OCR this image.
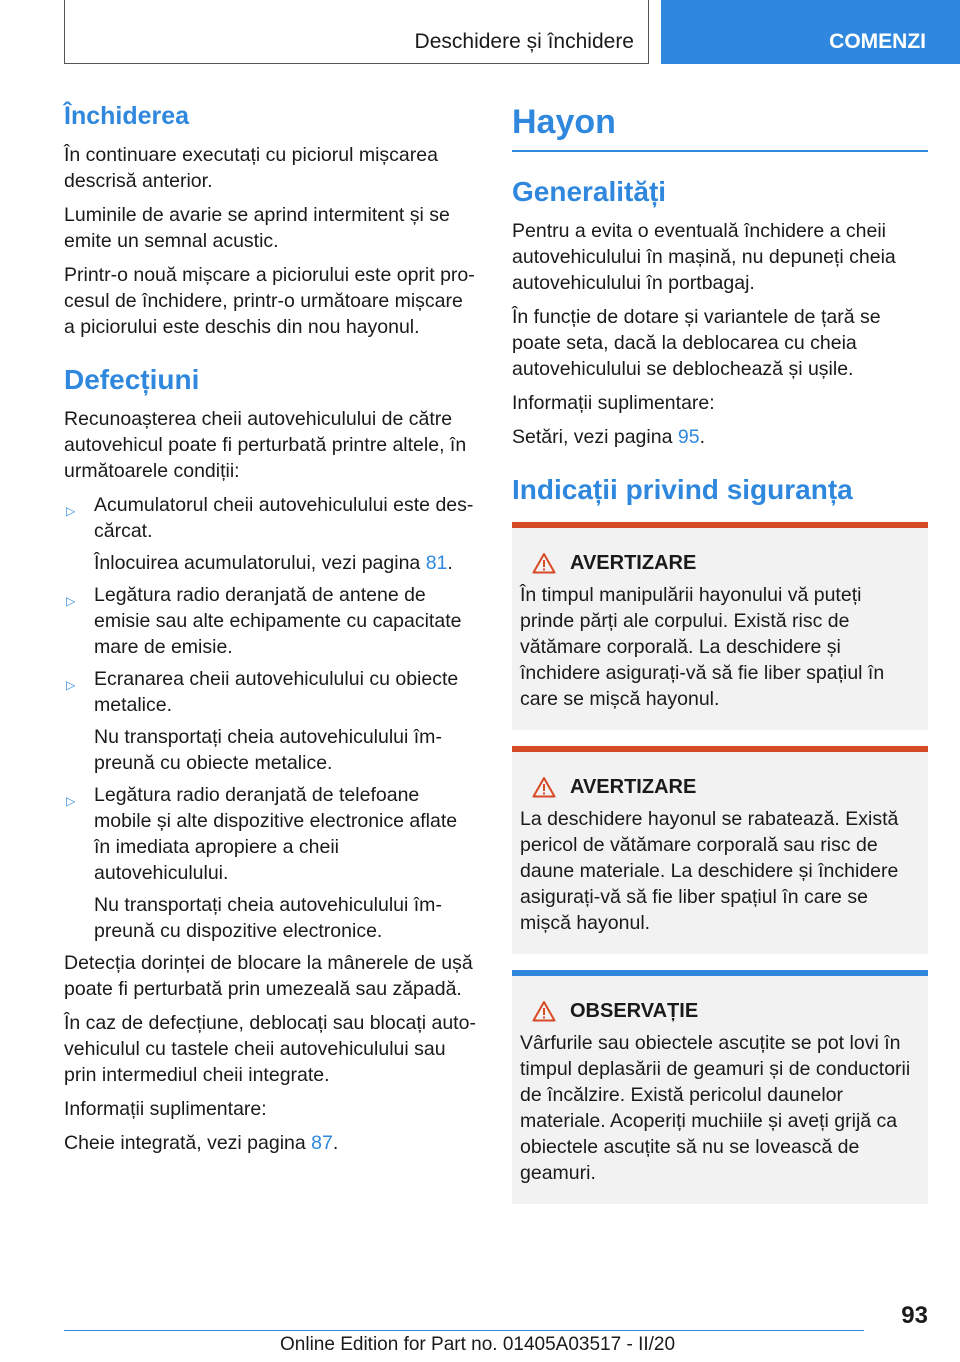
Deschidere și închidere	COMENZI
Închiderea

În continuare executați cu piciorul mișcarea descrisă anterior.

Luminile de avarie se aprind intermitent și se emite un semnal acustic.

Printr-o nouă mișcare a piciorului este oprit procesul de închidere, printr-o următoare mișcare a piciorului este deschis din nou hayonul.

Defecțiuni

Recunoașterea cheii autovehiculului de către autovehicul poate fi perturbată printre altele, în următoarele condiții:

▷ Acumulatorul cheii autovehiculului este descărcat.
Înlocuirea acumulatorului, vezi pagina 81.
▷ Legătura radio deranjată de antene de emisie sau alte echipamente cu capacitate mare de emisie.
▷ Ecranarea cheii autovehiculului cu obiecte metalice.
Nu transportați cheia autovehiculului împreună cu obiecte metalice.
▷ Legătura radio deranjată de telefoane mobile și alte dispozitive electronice aflate în imediata apropiere a cheii autovehiculului.
Nu transportați cheia autovehiculului împreună cu dispozitive electronice.

Detecția dorinței de blocare la mânerele de ușă poate fi perturbată prin umezeală sau zăpadă.

În caz de defecțiune, deblocați sau blocați autovehiculul cu tastele cheii autovehiculului sau prin intermediul cheii integrate.

Informații suplimentare:

Cheie integrată, vezi pagina 87.

Hayon
Generalități

Pentru a evita o eventuală închidere a cheii autovehiculului în mașină, nu depuneți cheia autovehiculului în portbagaj.

În funcție de dotare și variantele de țară se poate seta, dacă la deblocarea cu cheia autovehiculului se deblochează și ușile.

Informații suplimentare:

Setări, vezi pagina 95.

Indicații privind siguranța
AVERTIZARE

În timpul manipulării hayonului vă puteți prinde părți ale corpului. Există risc de vătămare corporală. La deschidere și închidere asigurați-vă să fie liber spațiul în care se mișcă hayonul.

AVERTIZARE

La deschidere hayonul se rabatează. Există pericol de vătămare corporală sau risc de daune materiale. La deschidere și închidere asigurați-vă să fie liber spațiul în care se mișcă hayonul.

OBSERVAȚIE

Vârfurile sau obiectele ascuțite se pot lovi în timpul deplasării de geamuri și de conductorii de încălzire. Există pericolul daunelor materiale. Acoperiți muchiile și aveți grijă ca obiectele ascuțite să nu se lovească de geamuri.

93
Online Edition for Part no. 01405A03517 - II/20
